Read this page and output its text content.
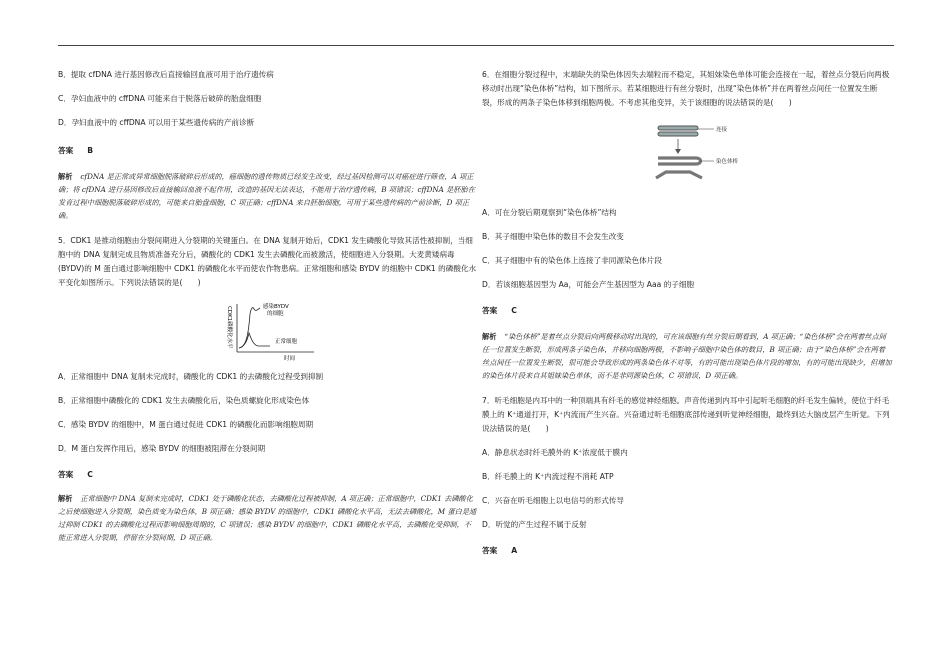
B．提取 cfDNA 进行基因修改后直接输回血液可用于治疗遗传病

C．孕妇血液中的 cffDNA 可能来自于脱落后破碎的胎盘细胞

D．孕妇血液中的 cffDNA 可以用于某些遗传病的产前诊断

答案 B

解析 cfDNA 是正常或异常细胞脱落破碎后形成的，癌细胞的遗传物质已经发生改变，经过基因检测可以对癌症进行筛查，A 项正确；将 cfDNA 进行基因修改后直接输回血液不起作用，改造的基因无法表达，不能用于治疗遗传病，B 项错误；cffDNA 是胚胎在发育过程中细胞脱落破碎形成的，可能来自胎盘细胞，C 项正确；cffDNA 来自胚胎细胞，可用于某些遗传病的产前诊断，D 项正确。

5．CDK1 是推动细胞由分裂间期进入分裂期的关键蛋白。在 DNA 复制开始后，CDK1 发生磷酸化导致其活性被抑制，当细胞中的 DNA 复制完成且物质准备充分后，磷酸化的 CDK1 发生去磷酸化而被激活，使细胞进入分裂期。大麦黄矮病毒(BYDV)的 M 蛋白通过影响细胞中 CDK1 的磷酸化水平而使农作物患病。正常细胞和感染 BYDV 的细胞中 CDK1 的磷酸化水平变化如图所示。下列说法错误的是(　　)

CDK1磷酸化水平	感染BYDV
的细胞
正常细胞
时间

A．正常细胞中 DNA 复制未完成时，磷酸化的 CDK1 的去磷酸化过程受到抑制

B．正常细胞中磷酸化的 CDK1 发生去磷酸化后，染色质螺旋化形成染色体

C．感染 BYDV 的细胞中，M 蛋白通过促进 CDK1 的磷酸化而影响细胞周期

D．M 蛋白发挥作用后，感染 BYDV 的细胞被阻滞在分裂间期

答案 C

解析 正常细胞中 DNA 复制未完成时，CDK1 处于磷酸化状态，去磷酸化过程被抑制，A 项正确；正常细胞中，CDK1 去磷酸化之后使细胞进入分裂期，染色质变为染色体，B 项正确；感染 BYDV 的细胞中，CDK1 磷酸化水平高，无法去磷酸化，M 蛋白是通过抑制 CDK1 的去磷酸化过程而影响细胞周期的，C 项错误；感染 BYDV 的细胞中，CDK1 磷酸化水平高，去磷酸化受抑制，不能正常进入分裂期，停留在分裂间期，D 项正确。

6．在细胞分裂过程中，末端缺失的染色体因失去端粒而不稳定，其姐妹染色单体可能会连接在一起，着丝点分裂后向两极移动时出现“染色体桥”结构，如下图所示。若某细胞进行有丝分裂时，出现“染色体桥”并在两着丝点间任一位置发生断裂，形成的两条子染色体移到细胞两极。不考虑其他变异，关于该细胞的说法错误的是(　　)

连接
染色体桥

A．可在分裂后期观察到“染色体桥”结构

B．其子细胞中染色体的数目不会发生改变

C．其子细胞中有的染色体上连接了非同源染色体片段

D．若该细胞基因型为 Aa，可能会产生基因型为 Aaa 的子细胞

答案 C

解析 “染色体桥”是着丝点分裂后向两极移动时出现的，可在该细胞有丝分裂后期看到，A 项正确；“染色体桥”会在两着丝点间任一位置发生断裂，形成两条子染色体，并移向细胞两极，不影响子细胞中染色体的数目，B 项正确；由于“染色体桥”会在两着丝点间任一位置发生断裂，很可能会导致形成的两条染色体不对等，有的可能出现染色体片段的增加，有的可能出现缺少，但增加的染色体片段来自其姐妹染色单体，而不是非同源染色体，C 项错误，D 项正确。

7．听毛细胞是内耳中的一种顶端具有纤毛的感觉神经细胞。声音传递到内耳中引起听毛细胞的纤毛发生偏转，使位于纤毛膜上的 K⁺通道打开，K⁺内流而产生兴奋。兴奋通过听毛细胞底部传递到听觉神经细胞，最终到达大脑皮层产生听觉。下列说法错误的是(　　)

A．静息状态时纤毛膜外的 K⁺浓度低于膜内

B．纤毛膜上的 K⁺内流过程不消耗 ATP

C．兴奋在听毛细胞上以电信号的形式传导

D．听觉的产生过程不属于反射

答案 A
